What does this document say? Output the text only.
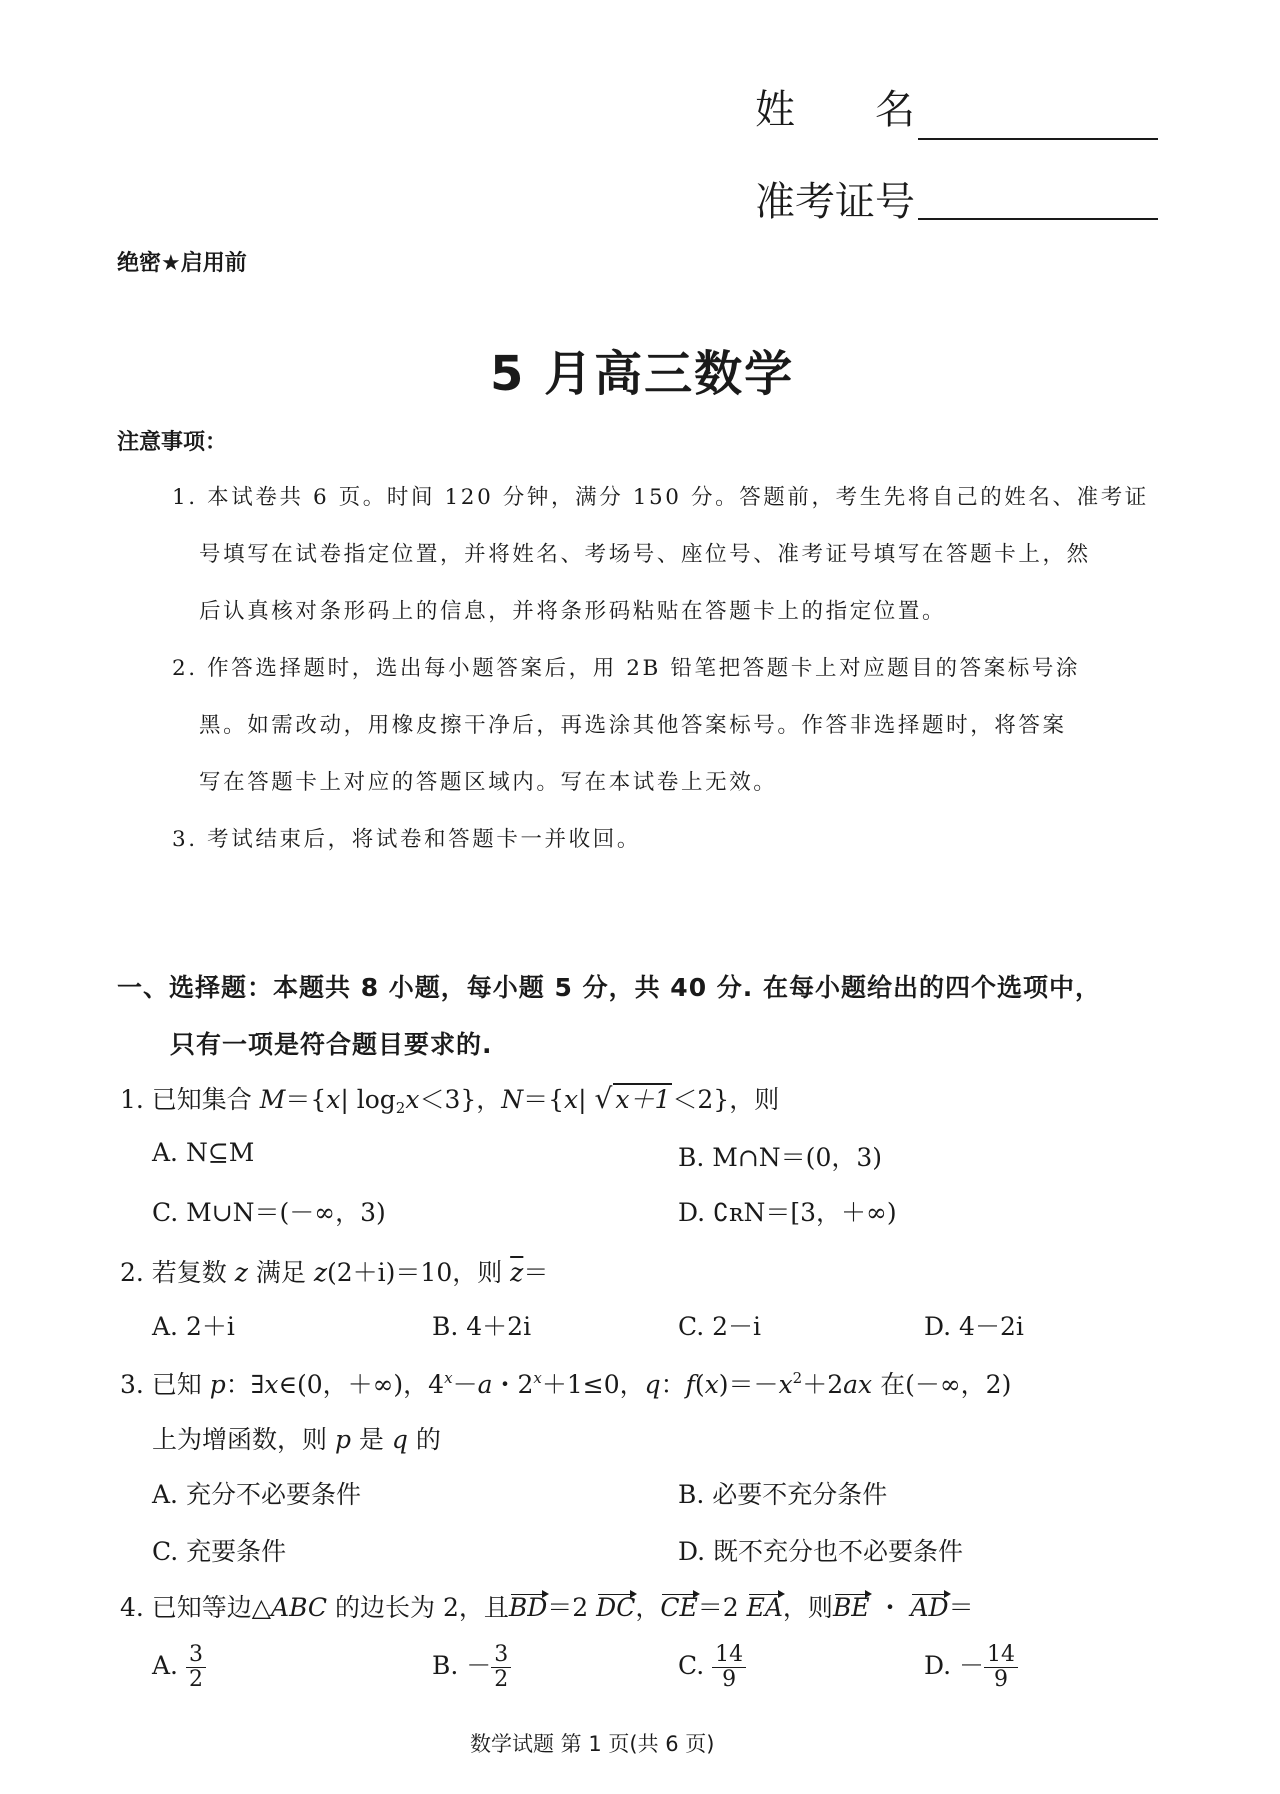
姓　　名
准考证号
绝密★启用前
5 月高三数学
注意事项：
1. 本试卷共 6 页。时间 120 分钟，满分 150 分。答题前，考生先将自己的姓名、准考证
号填写在试卷指定位置，并将姓名、考场号、座位号、准考证号填写在答题卡上，然
后认真核对条形码上的信息，并将条形码粘贴在答题卡上的指定位置。
2. 作答选择题时，选出每小题答案后，用 2B 铅笔把答题卡上对应题目的答案标号涂
黑。如需改动，用橡皮擦干净后，再选涂其他答案标号。作答非选择题时，将答案
写在答题卡上对应的答题区域内。写在本试卷上无效。
3. 考试结束后，将试卷和答题卡一并收回。
一、选择题：本题共 8 小题，每小题 5 分，共 40 分. 在每小题给出的四个选项中，
只有一项是符合题目要求的.
1. 已知集合 M＝{x| $\log_2x<3$}，N＝{x| √ x＋1＜2}，则
A. N⊆M	B. M∩N＝(0，3)
C. M∪N＝(－∞，3)	D. ∁ʀN＝[3，＋∞)
2. 若复数 z 满足 z(2＋i)＝10，则 $\overline{z}=$
A. 2＋i	B. 4＋2i	C. 2－i	D. 4－2i
3. 已知 p：∃x∈(0，＋∞)，$4^x-a$・$2^x+1\le 0$，q：$f(x)=-x^2+2ax$ 在(－∞，2)
上为增函数，则 p 是 q 的
A. 充分不必要条件	B. 必要不充分条件
C. 充要条件	D. 既不充分也不必要条件
4. 已知等边△ABC 的边长为 2，且BD＝2 DC，CE＝2 EA，则BE ・ AD＝
A. $\frac{3}{2}$	B. － $\frac{3}{2}$	C. $\frac{14}{9}$	D. － $\frac{14}{9}$
数学试题 第 1 页(共 6 页)
